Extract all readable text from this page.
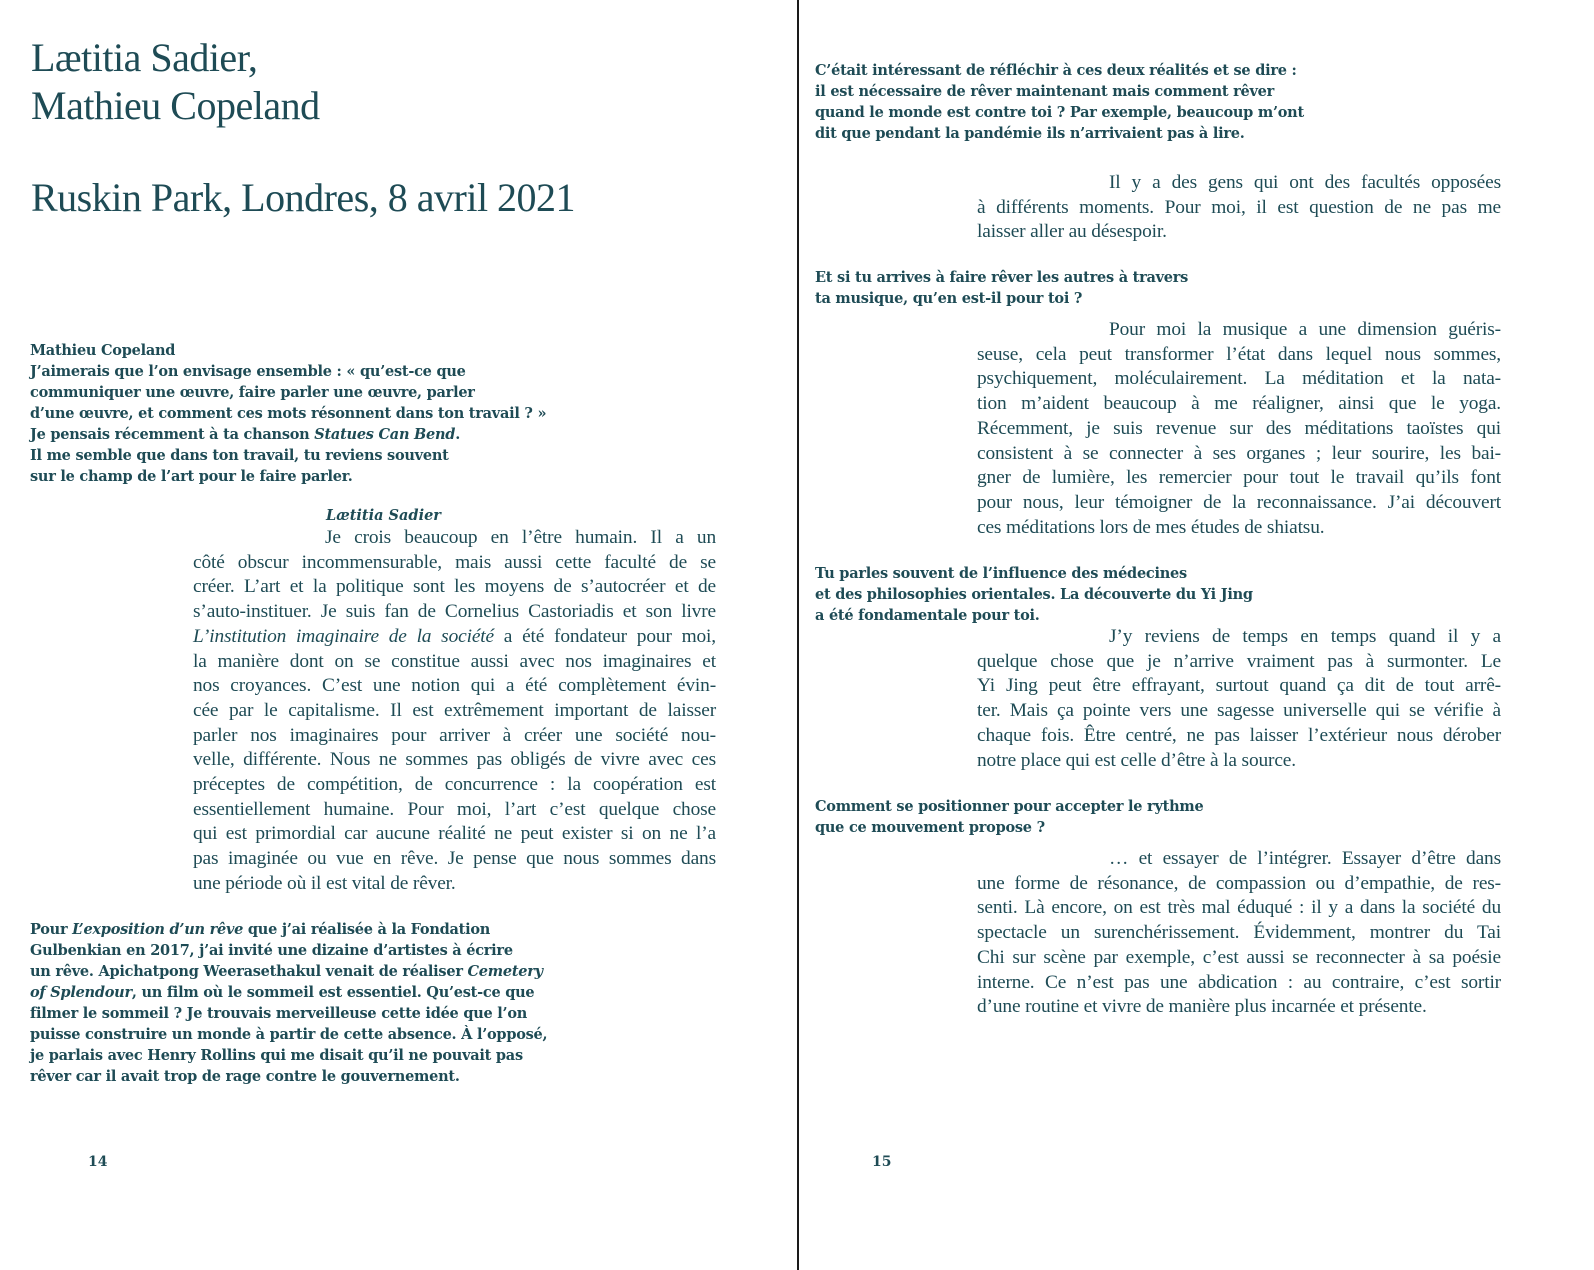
Lætitia Sadier,
Mathieu Copeland
Ruskin Park, Londres, 8 avril 2021
Mathieu Copeland
J’aimerais que l’on envisage ensemble : « qu’est-ce que
communiquer une œuvre, faire parler une œuvre, parler
d’une œuvre, et comment ces mots résonnent dans ton travail ? »
Je pensais récemment à ta chanson Statues Can Bend.
Il me semble que dans ton travail, tu reviens souvent
sur le champ de l’art pour le faire parler.
Lætitia Sadier
Je crois beaucoup en l’être humain. Il a un
côté obscur incommensurable, mais aussi cette faculté de se
créer. L’art et la politique sont les moyens de s’autocréer et de
s’auto-instituer. Je suis fan de Cornelius Castoriadis et son livre
L’institution imaginaire de la société a été fondateur pour moi,
la manière dont on se constitue aussi avec nos imaginaires et
nos croyances. C’est une notion qui a été complètement évin-
cée par le capitalisme. Il est extrêmement important de laisser
parler nos imaginaires pour arriver à créer une société nou-
velle, différente. Nous ne sommes pas obligés de vivre avec ces
préceptes de compétition, de concurrence : la coopération est
essentiellement humaine. Pour moi, l’art c’est quelque chose
qui est primordial car aucune réalité ne peut exister si on ne l’a
pas imaginée ou vue en rêve. Je pense que nous sommes dans
une période où il est vital de rêver.
Pour L’exposition d’un rêve que j’ai réalisée à la Fondation
Gulbenkian en 2017, j’ai invité une dizaine d’artistes à écrire
un rêve. Apichatpong Weerasethakul venait de réaliser Cemetery
of Splendour, un film où le sommeil est essentiel. Qu’est-ce que
filmer le sommeil ? Je trouvais merveilleuse cette idée que l’on
puisse construire un monde à partir de cette absence. À l’opposé,
je parlais avec Henry Rollins qui me disait qu’il ne pouvait pas
rêver car il avait trop de rage contre le gouvernement.
14
C’était intéressant de réfléchir à ces deux réalités et se dire :
il est nécessaire de rêver maintenant mais comment rêver
quand le monde est contre toi ? Par exemple, beaucoup m’ont
dit que pendant la pandémie ils n’arrivaient pas à lire.
Il y a des gens qui ont des facultés opposées
à différents moments. Pour moi, il est question de ne pas me
laisser aller au désespoir.
Et si tu arrives à faire rêver les autres à travers
ta musique, qu’en est-il pour toi ?
Pour moi la musique a une dimension guéris-
seuse, cela peut transformer l’état dans lequel nous sommes,
psychiquement, moléculairement. La méditation et la nata-
tion m’aident beaucoup à me réaligner, ainsi que le yoga.
Récemment, je suis revenue sur des méditations taoïstes qui
consistent à se connecter à ses organes ; leur sourire, les bai-
gner de lumière, les remercier pour tout le travail qu’ils font
pour nous, leur témoigner de la reconnaissance. J’ai découvert
ces méditations lors de mes études de shiatsu.
Tu parles souvent de l’influence des médecines
et des philosophies orientales. La découverte du Yi Jing
a été fondamentale pour toi.
J’y reviens de temps en temps quand il y a
quelque chose que je n’arrive vraiment pas à surmonter. Le
Yi Jing peut être effrayant, surtout quand ça dit de tout arrê-
ter. Mais ça pointe vers une sagesse universelle qui se vérifie à
chaque fois. Être centré, ne pas laisser l’extérieur nous dérober
notre place qui est celle d’être à la source.
Comment se positionner pour accepter le rythme
que ce mouvement propose ?
… et essayer de l’intégrer. Essayer d’être dans
une forme de résonance, de compassion ou d’empathie, de res-
senti. Là encore, on est très mal éduqué : il y a dans la société du
spectacle un surenchérissement. Évidemment, montrer du Tai
Chi sur scène par exemple, c’est aussi se reconnecter à sa poésie
interne. Ce n’est pas une abdication : au contraire, c’est sortir
d’une routine et vivre de manière plus incarnée et présente.
15
